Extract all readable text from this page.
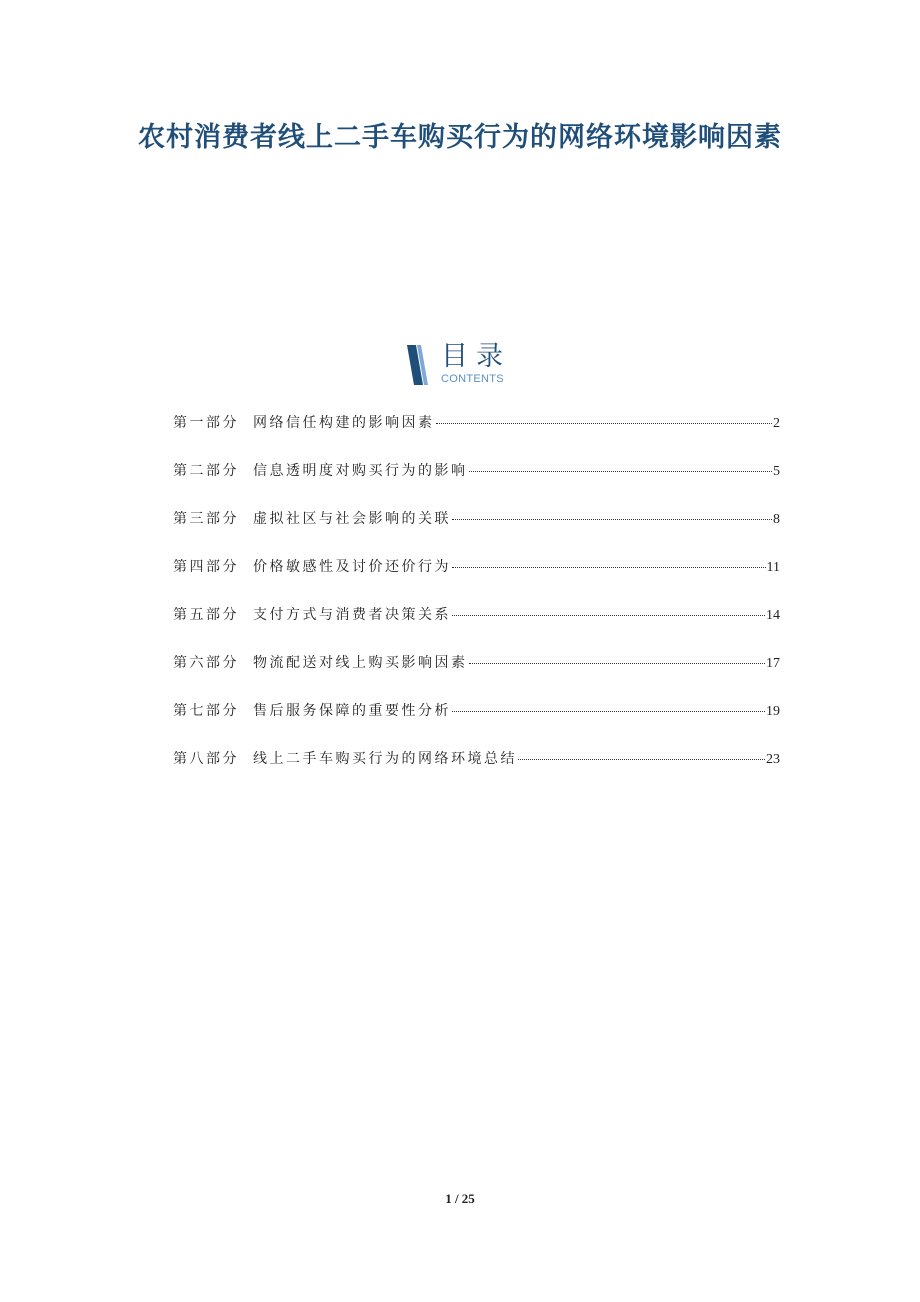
农村消费者线上二手车购买行为的网络环境影响因素
目录
CONTENTS
第一部分	网络信任构建的影响因素	2
第二部分	信息透明度对购买行为的影响	5
第三部分	虚拟社区与社会影响的关联	8
第四部分	价格敏感性及讨价还价行为	11
第五部分	支付方式与消费者决策关系	14
第六部分	物流配送对线上购买影响因素	17
第七部分	售后服务保障的重要性分析	19
第八部分	线上二手车购买行为的网络环境总结	23
1 / 25
